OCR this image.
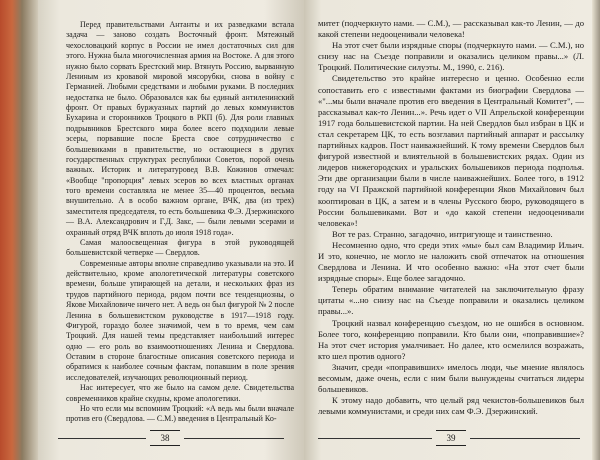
Перед правительствами Антанты и их разведками встала задача — заново создать Восточный фронт. Мятежный чехословацкий корпус в России не имел достаточных сил для этого. Нужна была многочисленная армия на Востоке. А для этого нужно было сорвать Брестский мир. Втянуть Россию, вырванную Лениным из кровавой мировой мясорубки, снова в войну с Германией. Любыми средствами и любыми руками. В последних недостатка не было. Образовался как бы единый антиленинский фронт. От правых буржуазных партий до левых коммунистов Бухарина и сторонников Троцкого в РКП (б). Для роли главных подрывников Брестского мира более всего подходили левые эсеры, порвавшие после Бреста свое сотрудничество с большевиками в правительстве, но остающиеся в других государственных структурах республики Советов, порой очень важных. Историк и литературовед В.В. Кожинов отмечал: «Вообще "пропорция" левых эсеров во всех властных органах того времени составляла не менее 35—40 процентов, весьма внушительно. А в особо важном органе, ВЧК, два (из трех) заместителя председателя, то есть большевика Ф.Э. Дзержинского — В.А. Александрович и Г.Д. Закс, — были левыми эсерами и охранный отряд ВЧК вплоть до июля 1918 года».

Самая малоосвещенная фигура в этой руководящей большевистской четверке — Свердлов.

Современные авторы вполне справедливо указывали на это. И действительно, кроме апологетической литературы советского времени, больше упирающей на детали, и нескольких фраз из трудов партийного периода, рядом почти все тенденциозны, о Якове Михайловиче ничего нет. А ведь он был фигурой № 2 после Ленина в большевистском руководстве в 1917—1918 году. Фигурой, гораздо более значимой, чем в то время, чем сам Троцкий. Для нашей темы представляет наибольший интерес одно — его роль во взаимоотношениях Ленина и Свердлова. Оставим в стороне благостные описания советского периода и обратимся к наиболее сочным фактам, попавшим в поле зрения исследователей, изучающих революционный период.

Нас интересует, что же было на самом деле. Свидетельства современников крайне скудны, кроме апологетики.

Но что если мы вспомним Троцкий: «А ведь мы были вначале против его (Свердлова. — С.М.) введения в Центральный Ко-

38

митет (подчеркнуто нами. — С.М.), — рассказывал как-то Ленин, — до какой степени недооценивали человека!

На этот счет были изрядные споры (подчеркнуто нами. — С.М.), но снизу нас на Съезде поправили и оказались целиком правы...» (Л. Троцкий. Политические силуэты. М., 1990, с. 216).

Свидетельство это крайне интересно и ценно. Особенно если сопоставить его с известными фактами из биографии Свердлова — «"...мы были вначале против его введения в Центральный Комитет", — рассказывал как-то Ленин...». Речь идет о VII Апрельской конференции 1917 года большевистской партии. На ней Свердлов был избран в ЦК и стал секретарем ЦК, то есть возглавил партийный аппарат и рассылку партийных кадров. Пост наиважнейший. К тому времени Свердлов был фигурой известной и влиятельной в большевистских рядах. Один из лидеров нижегородских и уральских большевиков периода подполья. Эти две организации были в числе наиважнейших. Более того, в 1912 году на VI Пражской партийной конференции Яков Михайлович был кооптирован в ЦК, а затем и в члены Русского бюро, руководящего в России большевиками. Вот и «до какой степени недооценивали человека»!

Вот те раз. Странно, загадочно, интригующе и таинственно.

Несомненно одно, что среди этих «мы» был сам Владимир Ильич. И это, конечно, не могло не наложить свой отпечаток на отношения Свердлова и Ленина. И что особенно важно: «На этот счет были изрядные споры». Еще более загадочно.

Теперь обратим внимание читателей на заключительную фразу цитаты «...но снизу нас на Съезде поправили и оказались целиком правы...».

Троцкий назвал конференцию съездом, но не ошибся в основном. Более того, конференцию поправили. Кто были они, «поправившие»? На этот счет история умалчивает. Но далее, кто осмелился возражать, кто шел против одного?

Значит, среди «поправивших» имелось люди, чье мнение являлось весомым, даже очень, если с ним были вынуждены считаться лидеры большевиков.

К этому надо добавить, что целый ряд чекистов-большевиков был левыми коммунистами, и среди них сам Ф.Э. Дзержинский.

39
